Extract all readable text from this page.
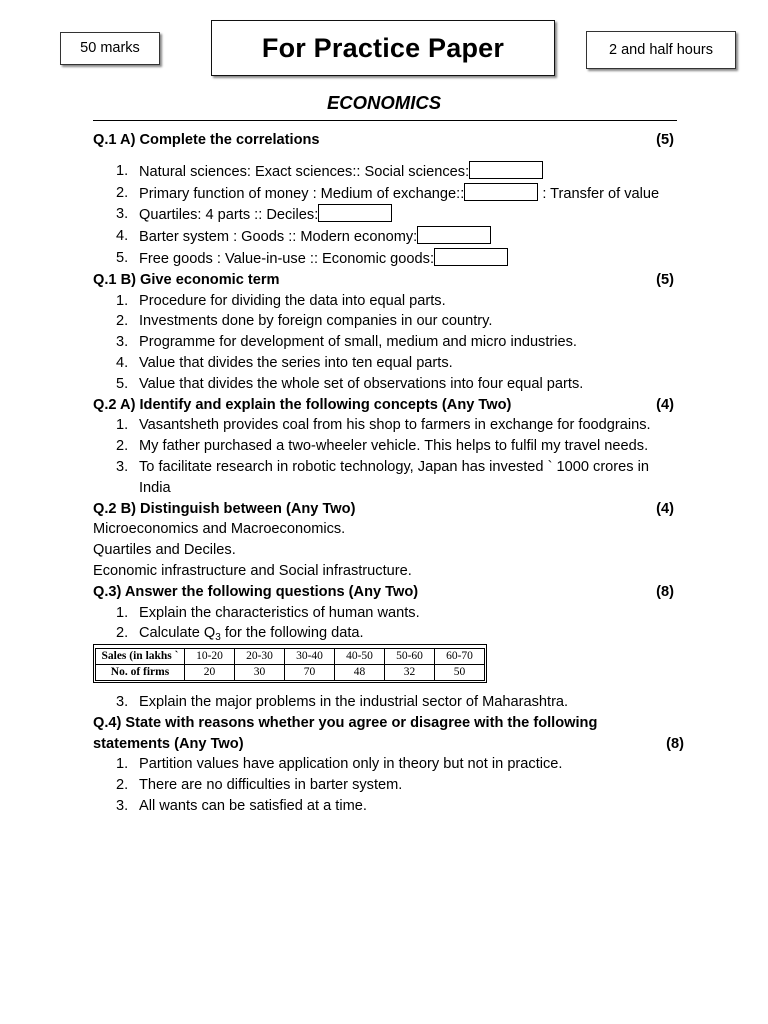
50 marks	For Practice Paper	2 and half hours
ECONOMICS
Q.1 A) Complete the correlations	(5)
1. Natural sciences: Exact sciences:: Social sciences:
2. Primary function of money : Medium of exchange::	: Transfer of value
3. Quartiles: 4 parts :: Deciles:
4. Barter system : Goods :: Modern economy:
5. Free goods : Value-in-use :: Economic goods:
Q.1 B) Give economic term	(5)
1. Procedure for dividing the data into equal parts.
2. Investments done by foreign companies in our country.
3. Programme for development of small, medium and micro industries.
4. Value that divides the series into ten equal parts.
5. Value that divides the whole set of observations into four equal parts.
Q.2 A) Identify and explain the following concepts (Any Two)	(4)
1. Vasantsheth provides coal from his shop to farmers in exchange for foodgrains.
2. My father purchased a two-wheeler vehicle. This helps to fulfil my travel needs.
3. To facilitate research in robotic technology, Japan has invested ` 1000 crores in India
Q.2 B) Distinguish between (Any Two)	(4)

Microeconomics and Macroeconomics.

Quartiles and Deciles.

Economic infrastructure and Social infrastructure.

Q.3) Answer the following questions (Any Two)	(8)
1. Explain the characteristics of human wants.
2. Calculate $Q_3$ for the following data.
Sales (in lakhs `	10-20	20-30	30-40	40-50	50-60	60-70
No. of firms	20	30	70	48	32	50
3. Explain the major problems in the industrial sector of Maharashtra.
Q.4) State with reasons whether you agree or disagree with the following
statements (Any Two)	(8)
1. Partition values have application only in theory but not in practice.
2. There are no difficulties in barter system.
3. All wants can be satisfied at a time.
